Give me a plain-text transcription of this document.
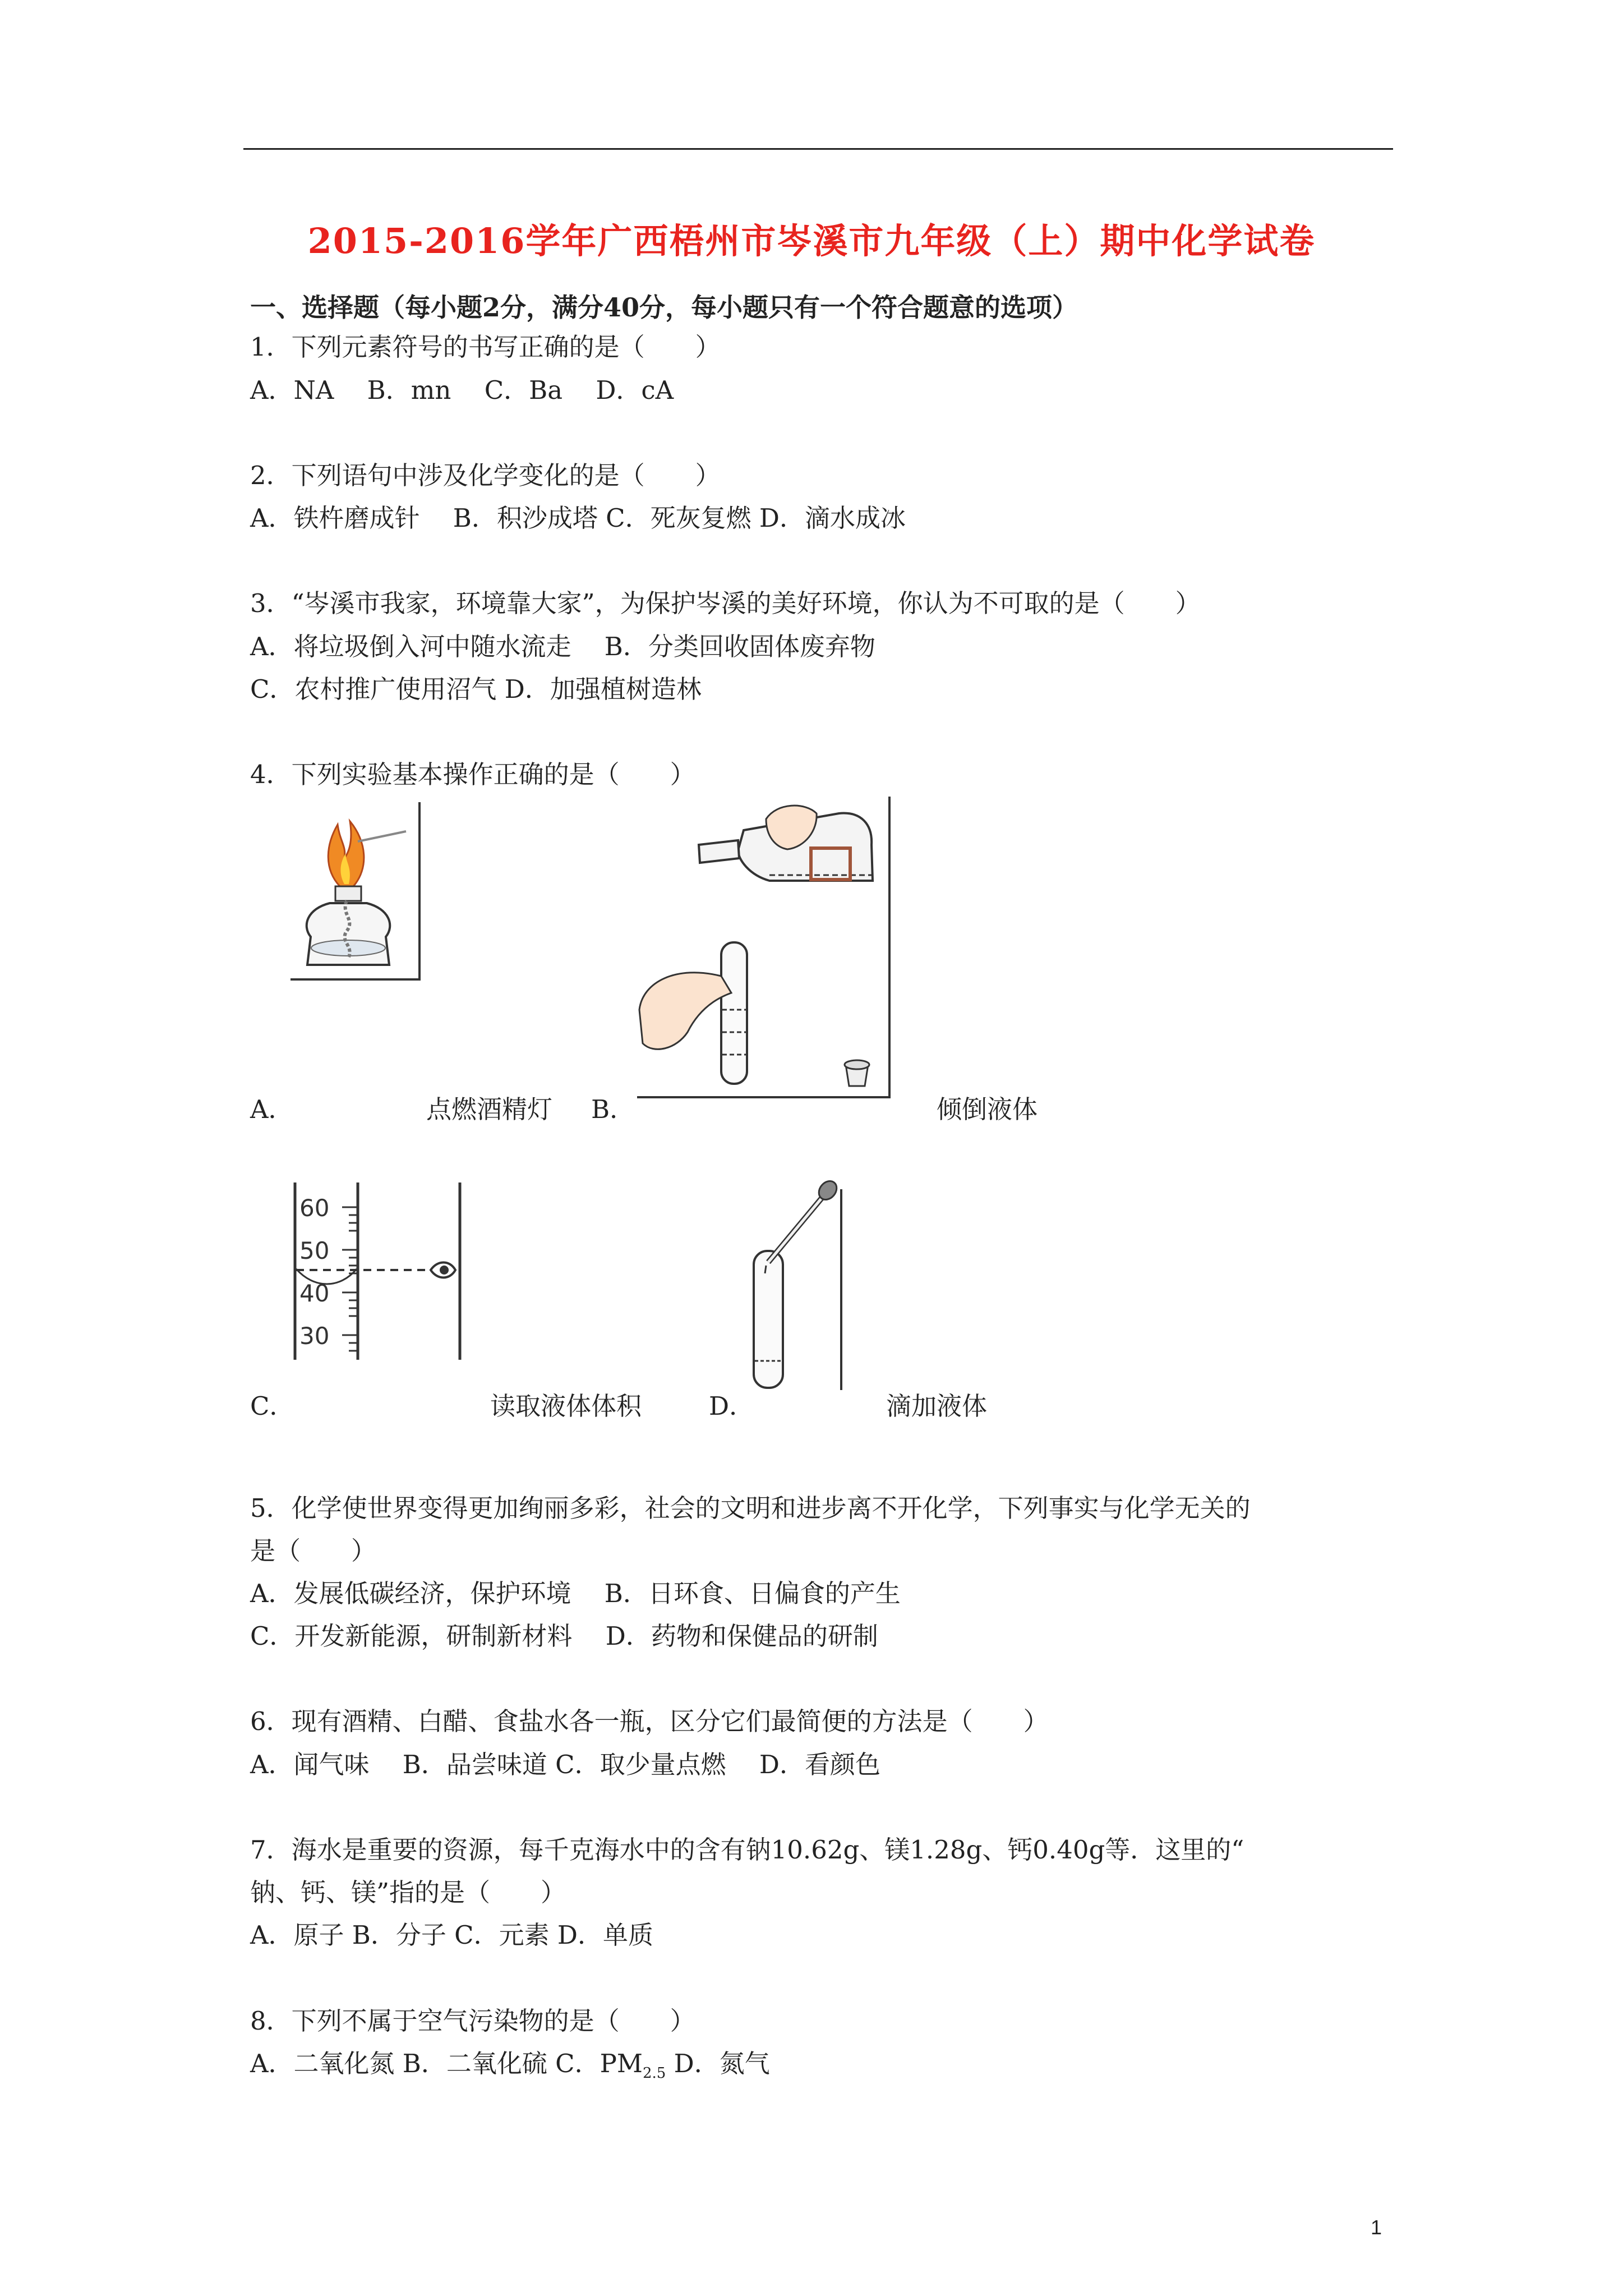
2015-2016学年广西梧州市岑溪市九年级（上）期中化学试卷
一、选择题（每小题2分，满分40分，每小题只有一个符合题意的选项）
1．下列元素符号的书写正确的是（　　）
A．NA　 B．mn　 C．Ba　 D．cA
2．下列语句中涉及化学变化的是（　　）
A．铁杵磨成针　 B．积沙成塔 C．死灰复燃 D．滴水成冰
3．“岑溪市我家，环境靠大家”，为保护岑溪的美好环境，你认为不可取的是（　　）
A．将垃圾倒入河中随水流走　 B．分类回收固体废弃物
C．农村推广使用沼气 D．加强植树造林
4．下列实验基本操作正确的是（　　）
A．	点燃酒精灯 B．	倾倒液体
60
50
40
30
C．	读取液体体积	D．	滴加液体
5．化学使世界变得更加绚丽多彩，社会的文明和进步离不开化学，下列事实与化学无关的
是（　　）
A．发展低碳经济，保护环境　 B．日环食、日偏食的产生
C．开发新能源，研制新材料　 D．药物和保健品的研制
6．现有酒精、白醋、食盐水各一瓶，区分它们最简便的方法是（　　）
A．闻气味　 B．品尝味道 C．取少量点燃　 D．看颜色
7．海水是重要的资源，每千克海水中的含有钠10.62g、镁1.28g、钙0.40g等．这里的“
钠、钙、镁”指的是（　　）
A．原子 B．分子 C．元素 D．单质
8．下列不属于空气污染物的是（　　）
A．二氧化氮 B．二氧化硫 C．$PM_{2.5}$ D．氮气
1
